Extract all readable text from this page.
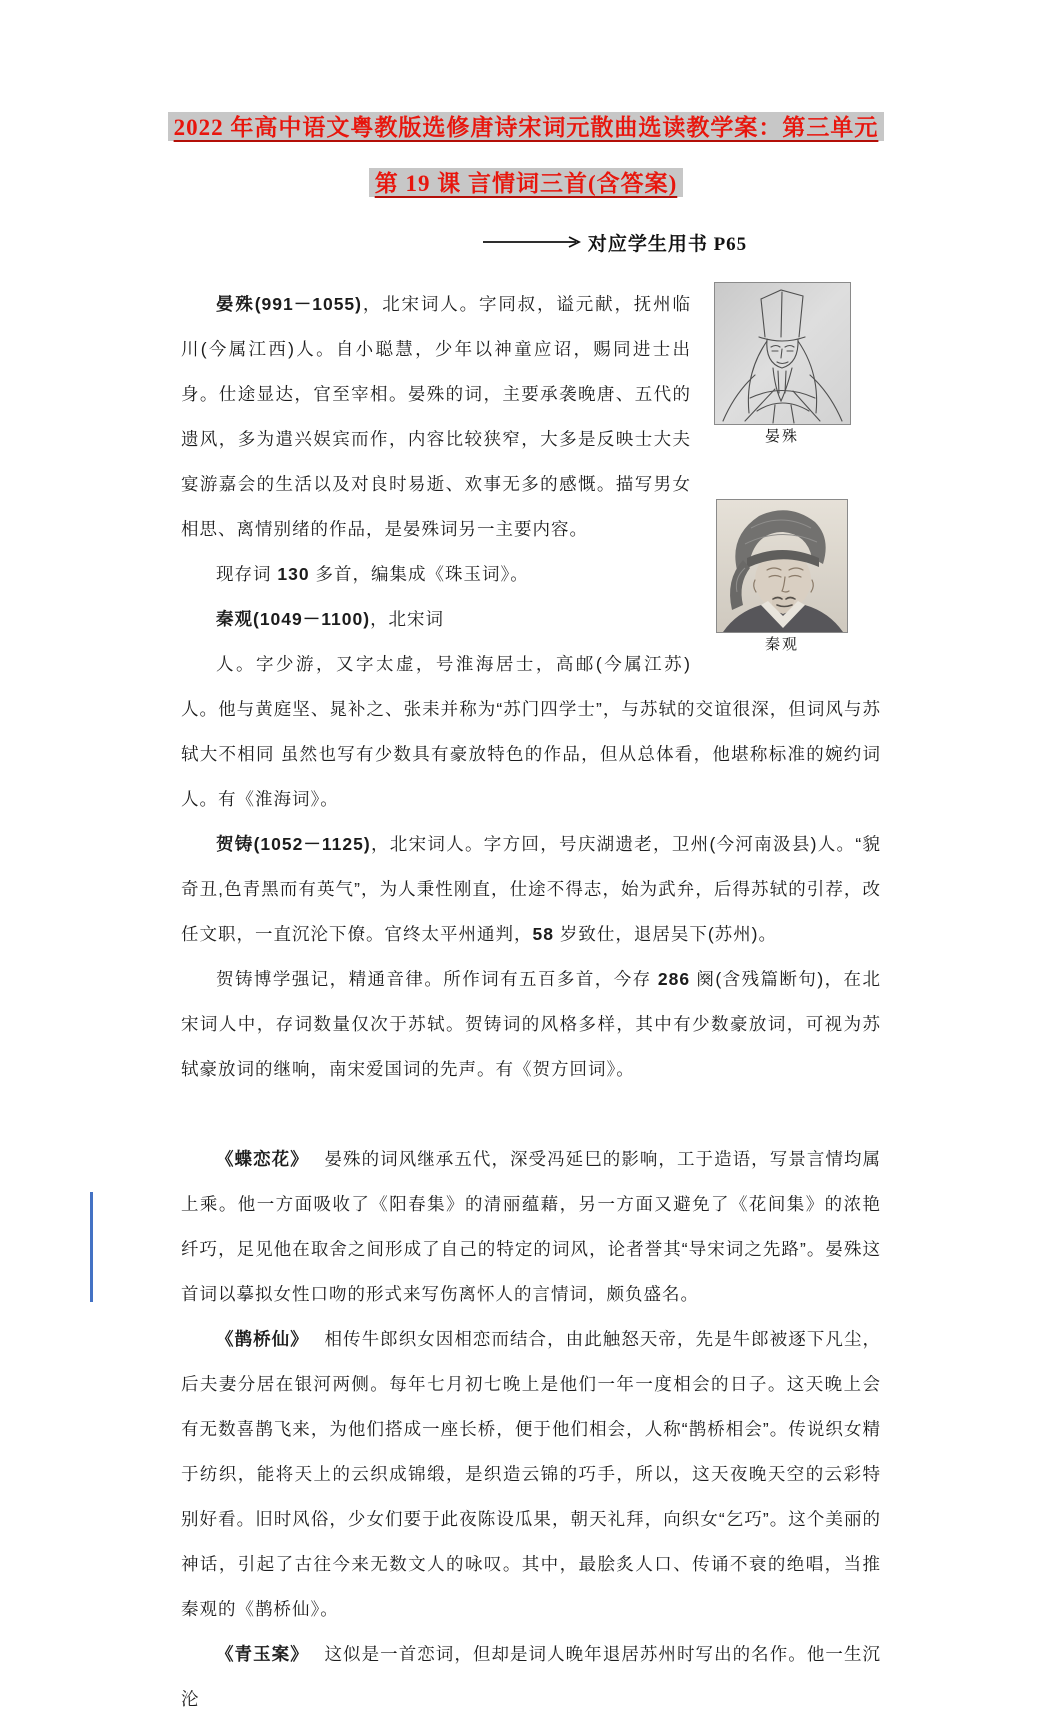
2022 年高中语文粤教版选修唐诗宋词元散曲选读教学案：第三单元
第 19 课 言情词三首(含答案)
对应学生用书 P65
晏殊
秦观

晏殊(991－1055)，北宋词人。字同叔，谥元献，抚州临川(今属江西)人。自小聪慧，少年以神童应诏，赐同进士出身。仕途显达，官至宰相。晏殊的词，主要承袭晚唐、五代的遗风，多为遣兴娱宾而作，内容比较狭窄，大多是反映士大夫宴游嘉会的生活以及对良时易逝、欢事无多的感慨。描写男女相思、离情别绪的作品，是晏殊词另一主要内容。

现存词 130 多首，编集成《珠玉词》。

秦观(1049－1100)，北宋词

人。字少游，又字太虚，号淮海居士，高邮(今属江苏)人。他与黄庭坚、晁补之、张耒并称为“苏门四学士”，与苏轼的交谊很深，但词风与苏轼大不相同 虽然也写有少数具有豪放特色的作品，但从总体看，他堪称标准的婉约词人。有《淮海词》。

贺铸(1052－1125)，北宋词人。字方回，号庆湖遗老，卫州(今河南汲县)人。“貌奇丑,色青黑而有英气”，为人秉性刚直，仕途不得志，始为武弁，后得苏轼的引荐，改任文职，一直沉沦下僚。官终太平州通判，58 岁致仕，退居吴下(苏州)。

贺铸博学强记，精通音律。所作词有五百多首，今存 286 阕(含残篇断句)，在北宋词人中，存词数量仅次于苏轼。贺铸词的风格多样，其中有少数豪放词，可视为苏轼豪放词的继响，南宋爱国词的先声。有《贺方回词》。

《蝶恋花》　 晏殊的词风继承五代，深受冯延巳的影响，工于造语，写景言情均属上乘。他一方面吸收了《阳春集》的清丽蕴藉，另一方面又避免了《花间集》的浓艳纤巧，足见他在取舍之间形成了自己的特定的词风，论者誉其“导宋词之先路”。晏殊这首词以摹拟女性口吻的形式来写伤离怀人的言情词，颇负盛名。

《鹊桥仙》　 相传牛郎织女因相恋而结合，由此触怒天帝，先是牛郎被逐下凡尘，后夫妻分居在银河两侧。每年七月初七晚上是他们一年一度相会的日子。这天晚上会有无数喜鹊飞来，为他们搭成一座长桥，便于他们相会，人称“鹊桥相会”。传说织女精于纺织，能将天上的云织成锦缎，是织造云锦的巧手，所以，这天夜晚天空的云彩特别好看。旧时风俗，少女们要于此夜陈设瓜果，朝天礼拜，向织女“乞巧”。这个美丽的神话，引起了古往今来无数文人的咏叹。其中，最脍炙人口、传诵不衰的绝唱，当推秦观的《鹊桥仙》。

《青玉案》　 这似是一首恋词，但却是词人晚年退居苏州时写出的名作。他一生沉沦
